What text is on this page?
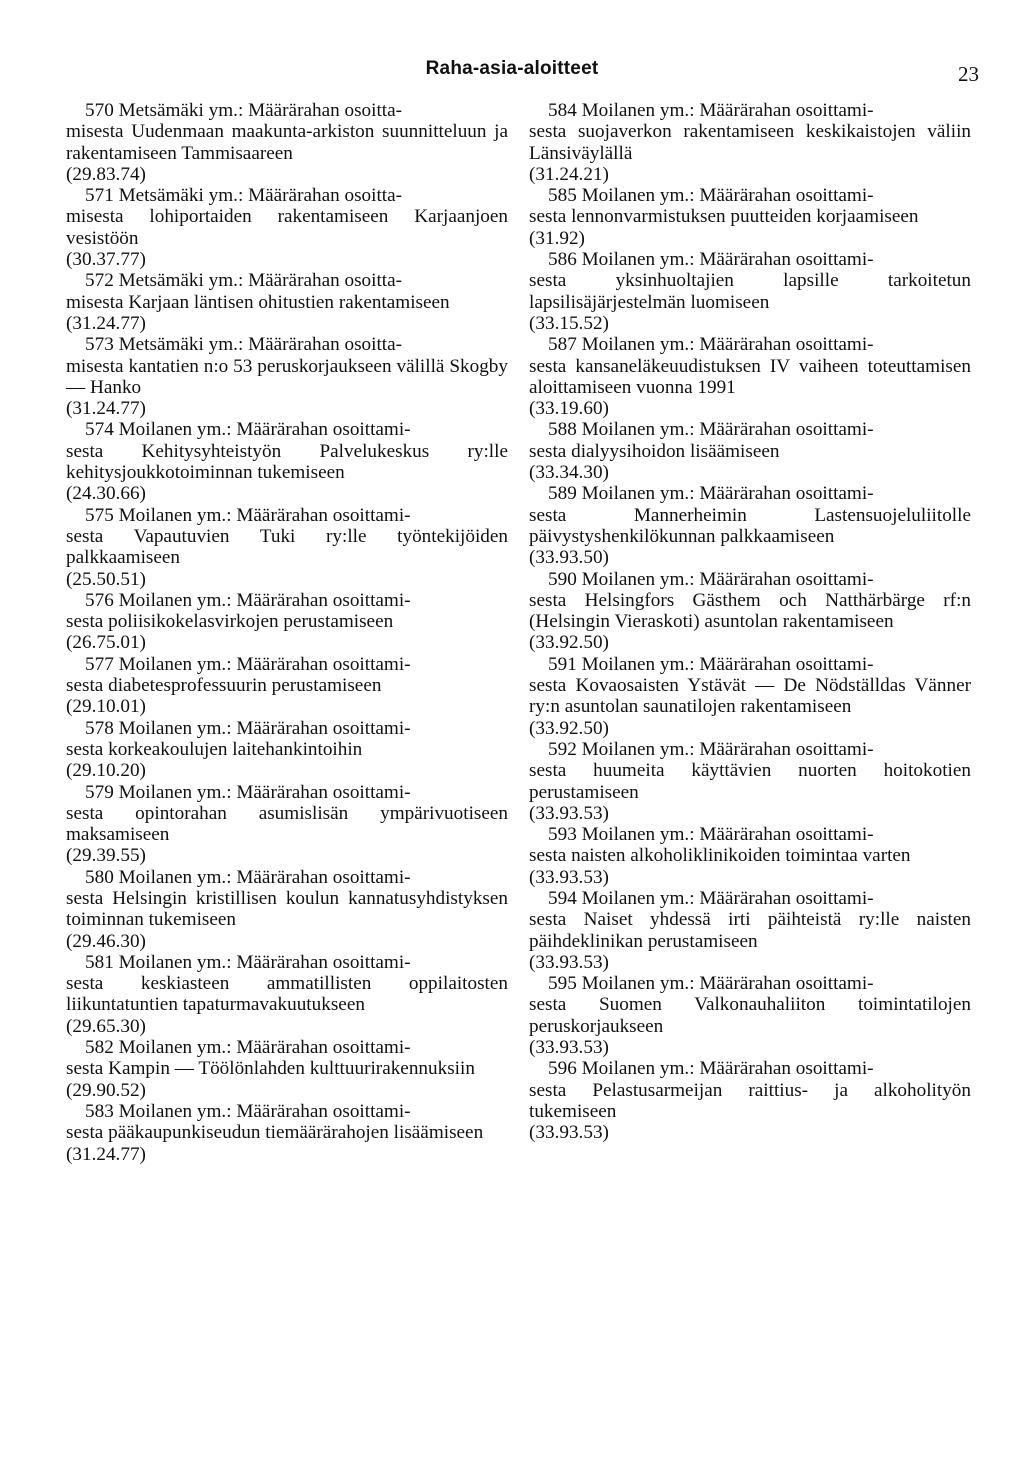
Raha-asia-aloitteet	23

570 Metsämäki ym.: Määrärahan osoitta-
misesta Uudenmaan maakunta-arkiston suunnitteluun ja rakentamiseen Tammisaareen
(29.83.74)

571 Metsämäki ym.: Määrärahan osoitta-
misesta lohiportaiden rakentamiseen Karjaanjoen vesistöön
(30.37.77)

572 Metsämäki ym.: Määrärahan osoitta-
misesta Karjaan läntisen ohitustien rakentamiseen
(31.24.77)

573 Metsämäki ym.: Määrärahan osoitta-
misesta kantatien n:o 53 peruskorjaukseen välillä Skogby — Hanko
(31.24.77)

574 Moilanen ym.: Määrärahan osoittami-
sesta Kehitysyhteistyön Palvelukeskus ry:lle kehitysjoukkotoiminnan tukemiseen
(24.30.66)

575 Moilanen ym.: Määrärahan osoittami-
sesta Vapautuvien Tuki ry:lle työntekijöiden palkkaamiseen
(25.50.51)

576 Moilanen ym.: Määrärahan osoittami-
sesta poliisikokelasvirkojen perustamiseen
(26.75.01)

577 Moilanen ym.: Määrärahan osoittami-
sesta diabetesprofessuurin perustamiseen
(29.10.01)

578 Moilanen ym.: Määrärahan osoittami-
sesta korkeakoulujen laitehankintoihin
(29.10.20)

579 Moilanen ym.: Määrärahan osoittami-
sesta opintorahan asumislisän ympärivuotiseen maksamiseen
(29.39.55)

580 Moilanen ym.: Määrärahan osoittami-
sesta Helsingin kristillisen koulun kannatusyhdistyksen toiminnan tukemiseen
(29.46.30)

581 Moilanen ym.: Määrärahan osoittami-
sesta keskiasteen ammatillisten oppilaitosten liikuntatuntien tapaturmavakuutukseen
(29.65.30)

582 Moilanen ym.: Määrärahan osoittami-
sesta Kampin — Töölönlahden kulttuurirakennuksiin
(29.90.52)

583 Moilanen ym.: Määrärahan osoittami-
sesta pääkaupunkiseudun tiemäärärahojen lisäämiseen
(31.24.77)

584 Moilanen ym.: Määrärahan osoittami-
sesta suojaverkon rakentamiseen keskikaistojen väliin Länsiväylällä
(31.24.21)

585 Moilanen ym.: Määrärahan osoittami-
sesta lennonvarmistuksen puutteiden korjaamiseen
(31.92)

586 Moilanen ym.: Määrärahan osoittami-
sesta yksinhuoltajien lapsille tarkoitetun lapsilisäjärjestelmän luomiseen
(33.15.52)

587 Moilanen ym.: Määrärahan osoittami-
sesta kansaneläkeuudistuksen IV vaiheen toteuttamisen aloittamiseen vuonna 1991
(33.19.60)

588 Moilanen ym.: Määrärahan osoittami-
sesta dialyysihoidon lisäämiseen
(33.34.30)

589 Moilanen ym.: Määrärahan osoittami-
sesta Mannerheimin Lastensuojeluliitolle päivystyshenkilökunnan palkkaamiseen
(33.93.50)

590 Moilanen ym.: Määrärahan osoittami-
sesta Helsingfors Gästhem och Natthärbärge rf:n (Helsingin Vieraskoti) asuntolan rakentamiseen
(33.92.50)

591 Moilanen ym.: Määrärahan osoittami-
sesta Kovaosaisten Ystävät — De Nödställdas Vänner ry:n asuntolan saunatilojen rakentamiseen
(33.92.50)

592 Moilanen ym.: Määrärahan osoittami-
sesta huumeita käyttävien nuorten hoitokotien perustamiseen
(33.93.53)

593 Moilanen ym.: Määrärahan osoittami-
sesta naisten alkoholiklinikoiden toimintaa varten
(33.93.53)

594 Moilanen ym.: Määrärahan osoittami-
sesta Naiset yhdessä irti päihteistä ry:lle naisten päihdeklinikan perustamiseen
(33.93.53)

595 Moilanen ym.: Määrärahan osoittami-
sesta Suomen Valkonauhaliiton toimintatilojen peruskorjaukseen
(33.93.53)

596 Moilanen ym.: Määrärahan osoittami-
sesta Pelastusarmeijan raittius- ja alkoholityön tukemiseen
(33.93.53)
